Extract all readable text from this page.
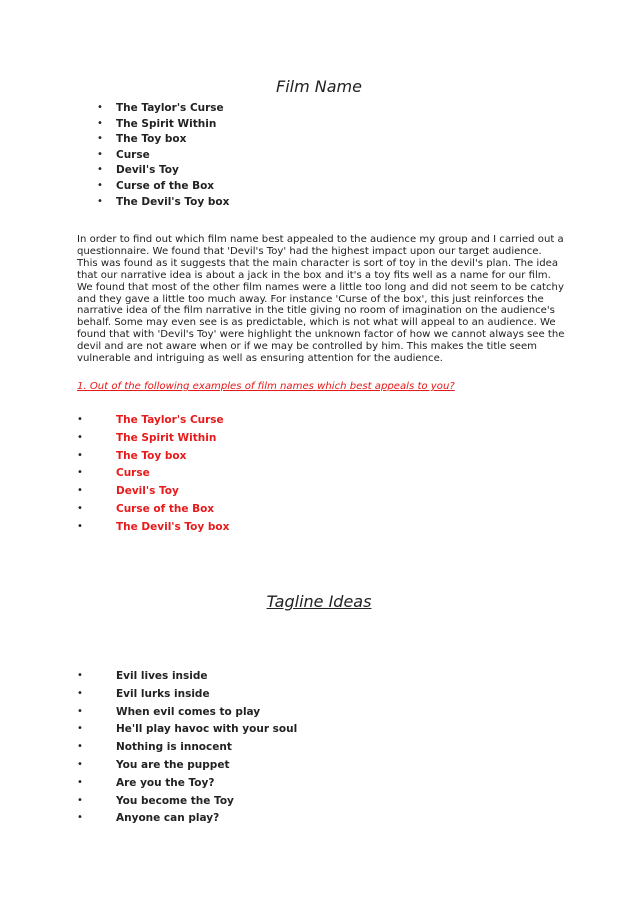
Film Name
• The Taylor's Curse
• The Spirit Within
• The Toy box
• Curse
• Devil's Toy
• Curse of the Box
• The Devil's Toy box

In order to find out which film name best appealed to the audience my group and I carried out a questionnaire. We found that 'Devil's Toy' had the highest impact upon our target audience. This was found as it suggests that the main character is sort of toy in the devil's plan. The idea that our narrative idea is about a jack in the box and it's a toy fits well as a name for our film. We found that most of the other film names were a little too long and did not seem to be catchy and they gave a little too much away. For instance 'Curse of the box', this just reinforces the narrative idea of the film narrative in the title giving no room of imagination on the audience's behalf. Some may even see is as predictable, which is not what will appeal to an audience. We found that with 'Devil's Toy' were highlight the unknown factor of how we cannot always see the devil and are not aware when or if we may be controlled by him. This makes the title seem vulnerable and intriguing as well as ensuring attention for the audience.

1. Out of the following examples of film names which best appeals to you?

•	The Taylor's Curse
•	The Spirit Within
•	The Toy box
•	Curse
•	Devil's Toy
•	Curse of the Box
•	The Devil's Toy box
Tagline Ideas
•	Evil lives inside
•	Evil lurks inside
•	When evil comes to play
•	He'll play havoc with your soul
•	Nothing is innocent
•	You are the puppet
•	Are you the Toy?
•	You become the Toy
•	Anyone can play?
